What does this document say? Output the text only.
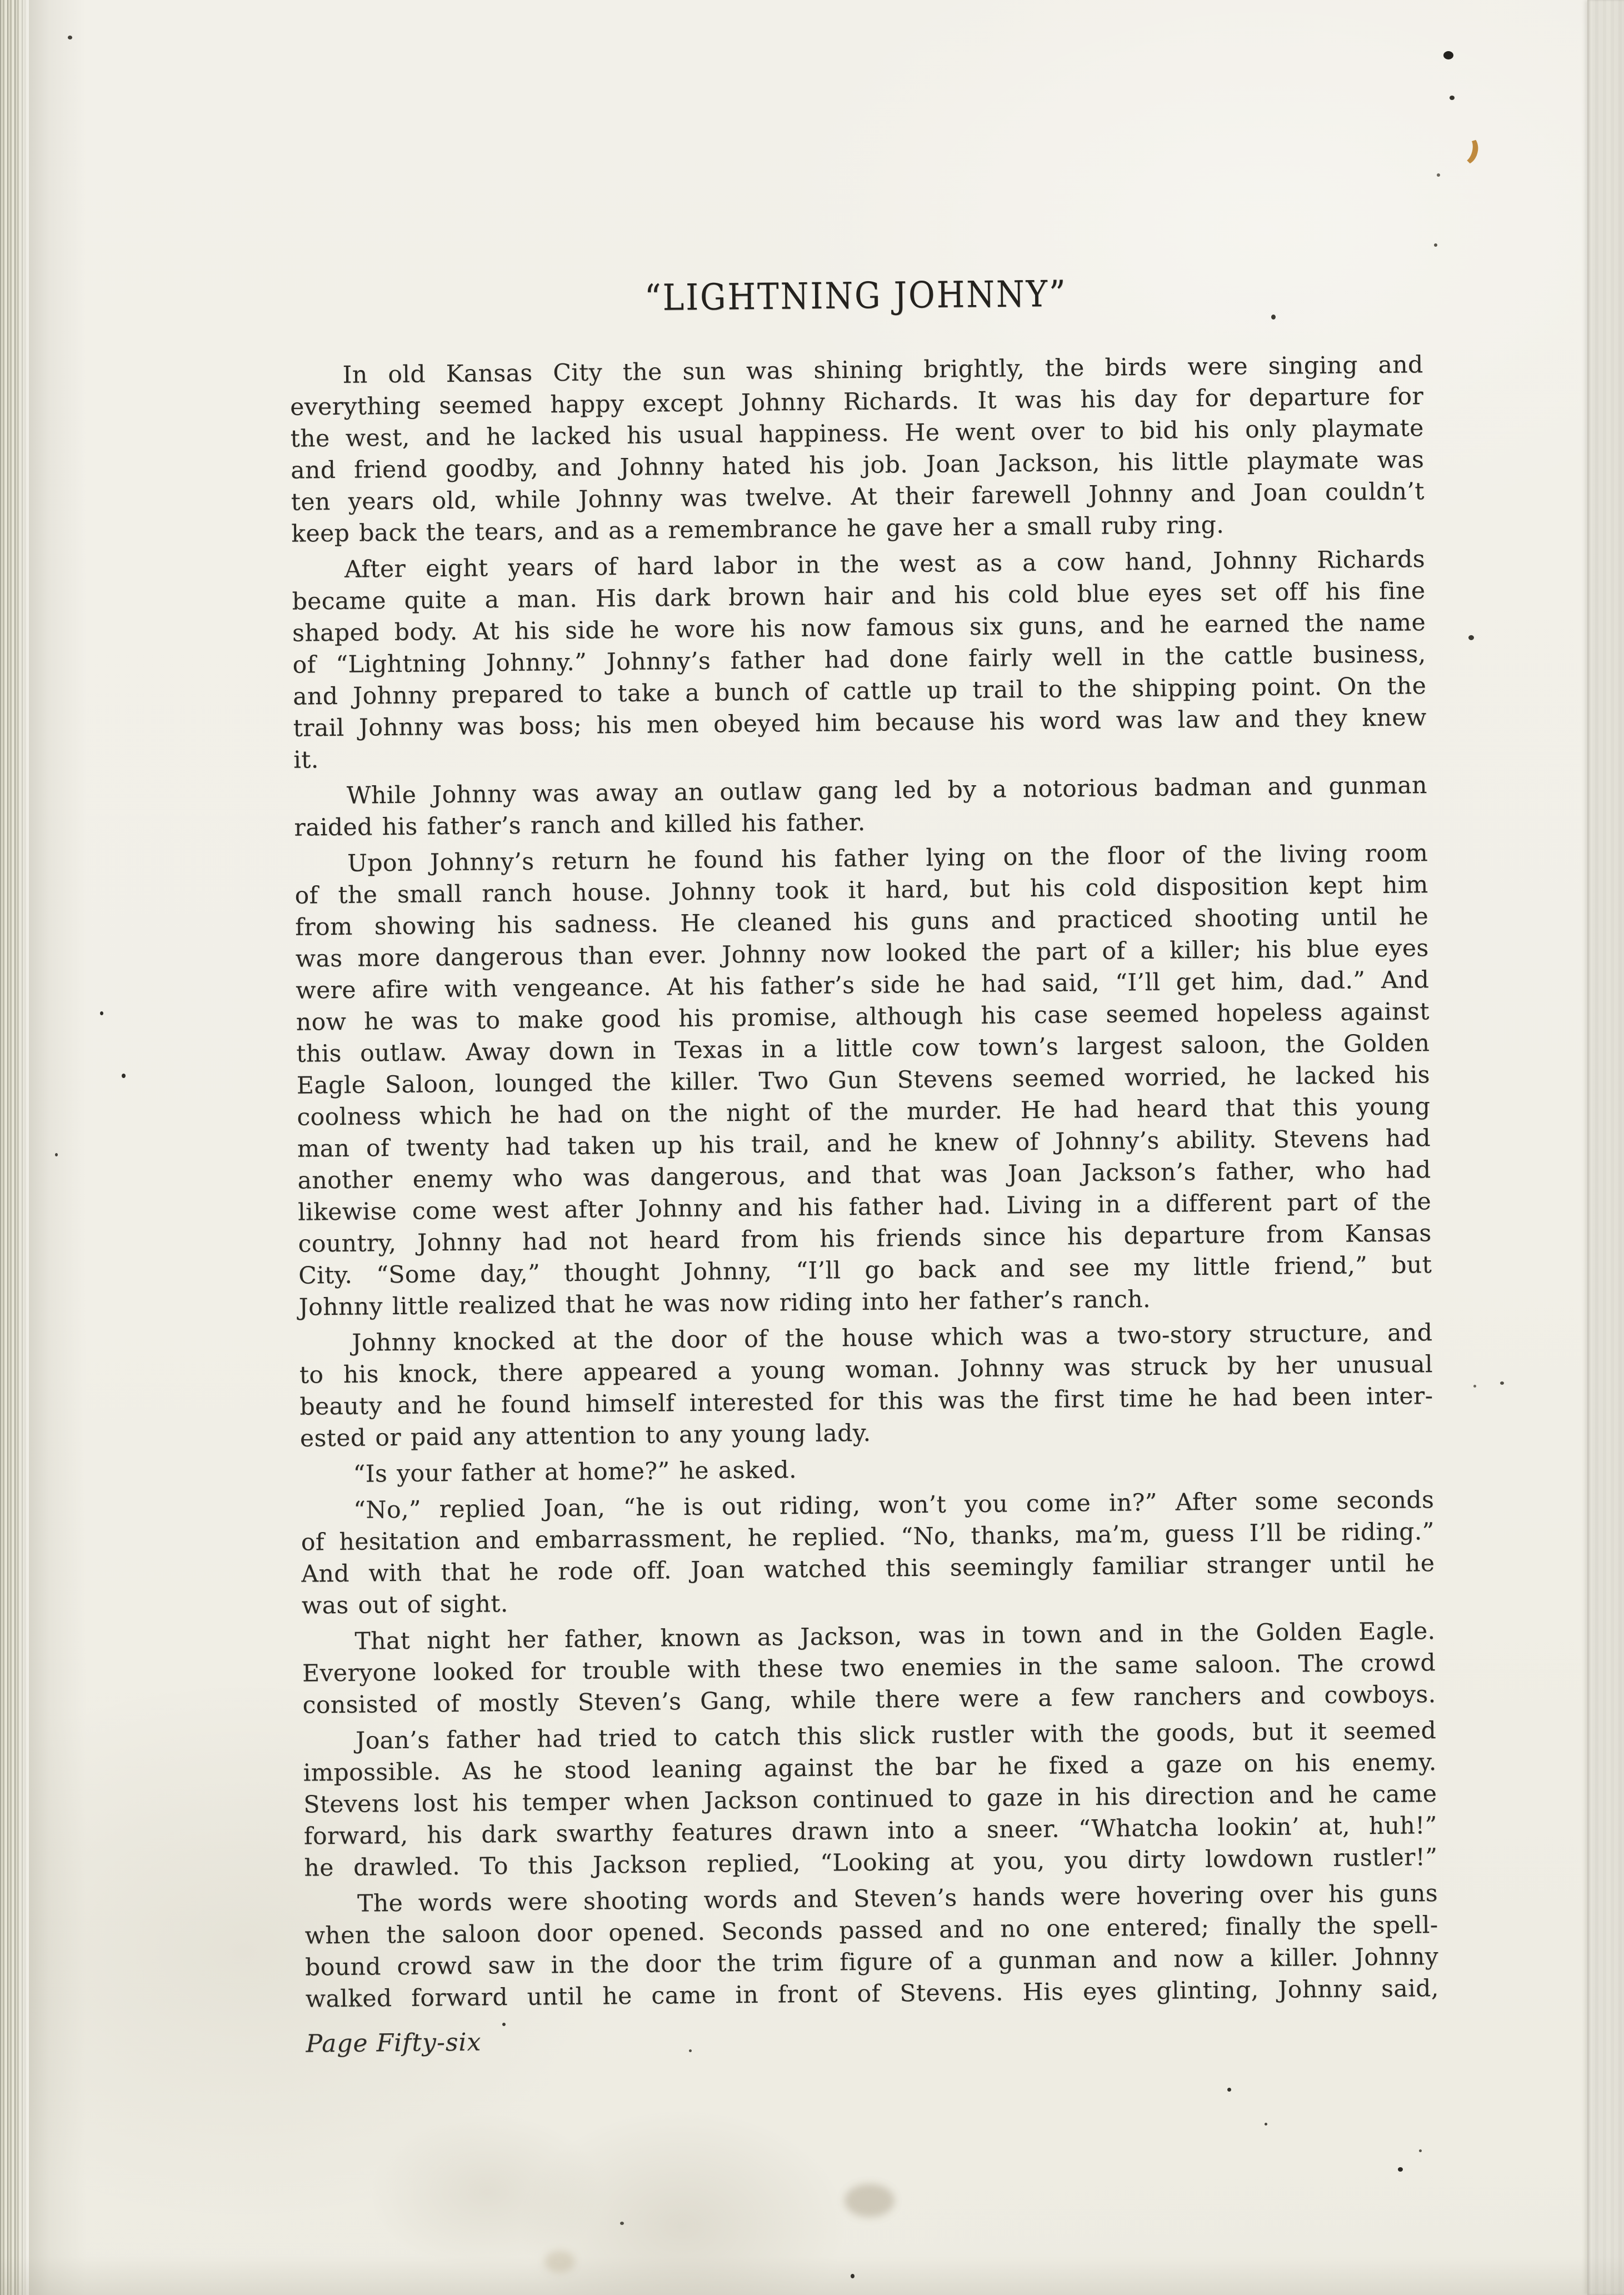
“LIGHTNING JOHNNY”

In old Kansas City the sun was shining brightly, the birds were singing and
everything seemed happy except Johnny Richards. It was his day for departure for
the west, and he lacked his usual happiness. He went over to bid his only playmate
and friend goodby, and Johnny hated his job. Joan Jackson, his little playmate was
ten years old, while Johnny was twelve. At their farewell Johnny and Joan couldn’t
keep back the tears, and as a remembrance he gave her a small ruby ring.

After eight years of hard labor in the west as a cow hand, Johnny Richards
became quite a man. His dark brown hair and his cold blue eyes set off his fine
shaped body. At his side he wore his now famous six guns, and he earned the name
of “Lightning Johnny.” Johnny’s father had done fairly well in the cattle business,
and Johnny prepared to take a bunch of cattle up trail to the shipping point. On the
trail Johnny was boss; his men obeyed him because his word was law and they knew
it.

While Johnny was away an outlaw gang led by a notorious badman and gunman
raided his father’s ranch and killed his father.

Upon Johnny’s return he found his father lying on the floor of the living room
of the small ranch house. Johnny took it hard, but his cold disposition kept him
from showing his sadness. He cleaned his guns and practiced shooting until he
was more dangerous than ever. Johnny now looked the part of a killer; his blue eyes
were afire with vengeance. At his father’s side he had said, “I’ll get him, dad.” And
now he was to make good his promise, although his case seemed hopeless against
this outlaw. Away down in Texas in a little cow town’s largest saloon, the Golden
Eagle Saloon, lounged the killer. Two Gun Stevens seemed worried, he lacked his
coolness which he had on the night of the murder. He had heard that this young
man of twenty had taken up his trail, and he knew of Johnny’s ability. Stevens had
another enemy who was dangerous, and that was Joan Jackson’s father, who had
likewise come west after Johnny and his father had. Living in a different part of the
country, Johnny had not heard from his friends since his departure from Kansas
City. “Some day,” thought Johnny, “I’ll go back and see my little friend,” but
Johnny little realized that he was now riding into her father’s ranch.

Johnny knocked at the door of the house which was a two-story structure, and
to his knock, there appeared a young woman. Johnny was struck by her unusual
beauty and he found himself interested for this was the first time he had been inter-
ested or paid any attention to any young lady.

“Is your father at home?” he asked.

“No,” replied Joan, “he is out riding, won’t you come in?” After some seconds
of hesitation and embarrassment, he replied. “No, thanks, ma’m, guess I’ll be riding.”
And with that he rode off. Joan watched this seemingly familiar stranger until he
was out of sight.

That night her father, known as Jackson, was in town and in the Golden Eagle.
Everyone looked for trouble with these two enemies in the same saloon. The crowd
consisted of mostly Steven’s Gang, while there were a few ranchers and cowboys.

Joan’s father had tried to catch this slick rustler with the goods, but it seemed
impossible. As he stood leaning against the bar he fixed a gaze on his enemy.
Stevens lost his temper when Jackson continued to gaze in his direction and he came
forward, his dark swarthy features drawn into a sneer. “Whatcha lookin’ at, huh!”
he drawled. To this Jackson replied, “Looking at you, you dirty lowdown rustler!”

The words were shooting words and Steven’s hands were hovering over his guns
when the saloon door opened. Seconds passed and no one entered; finally the spell-
bound crowd saw in the door the trim figure of a gunman and now a killer. Johnny
walked forward until he came in front of Stevens. His eyes glinting, Johnny said,

Page Fifty-six
